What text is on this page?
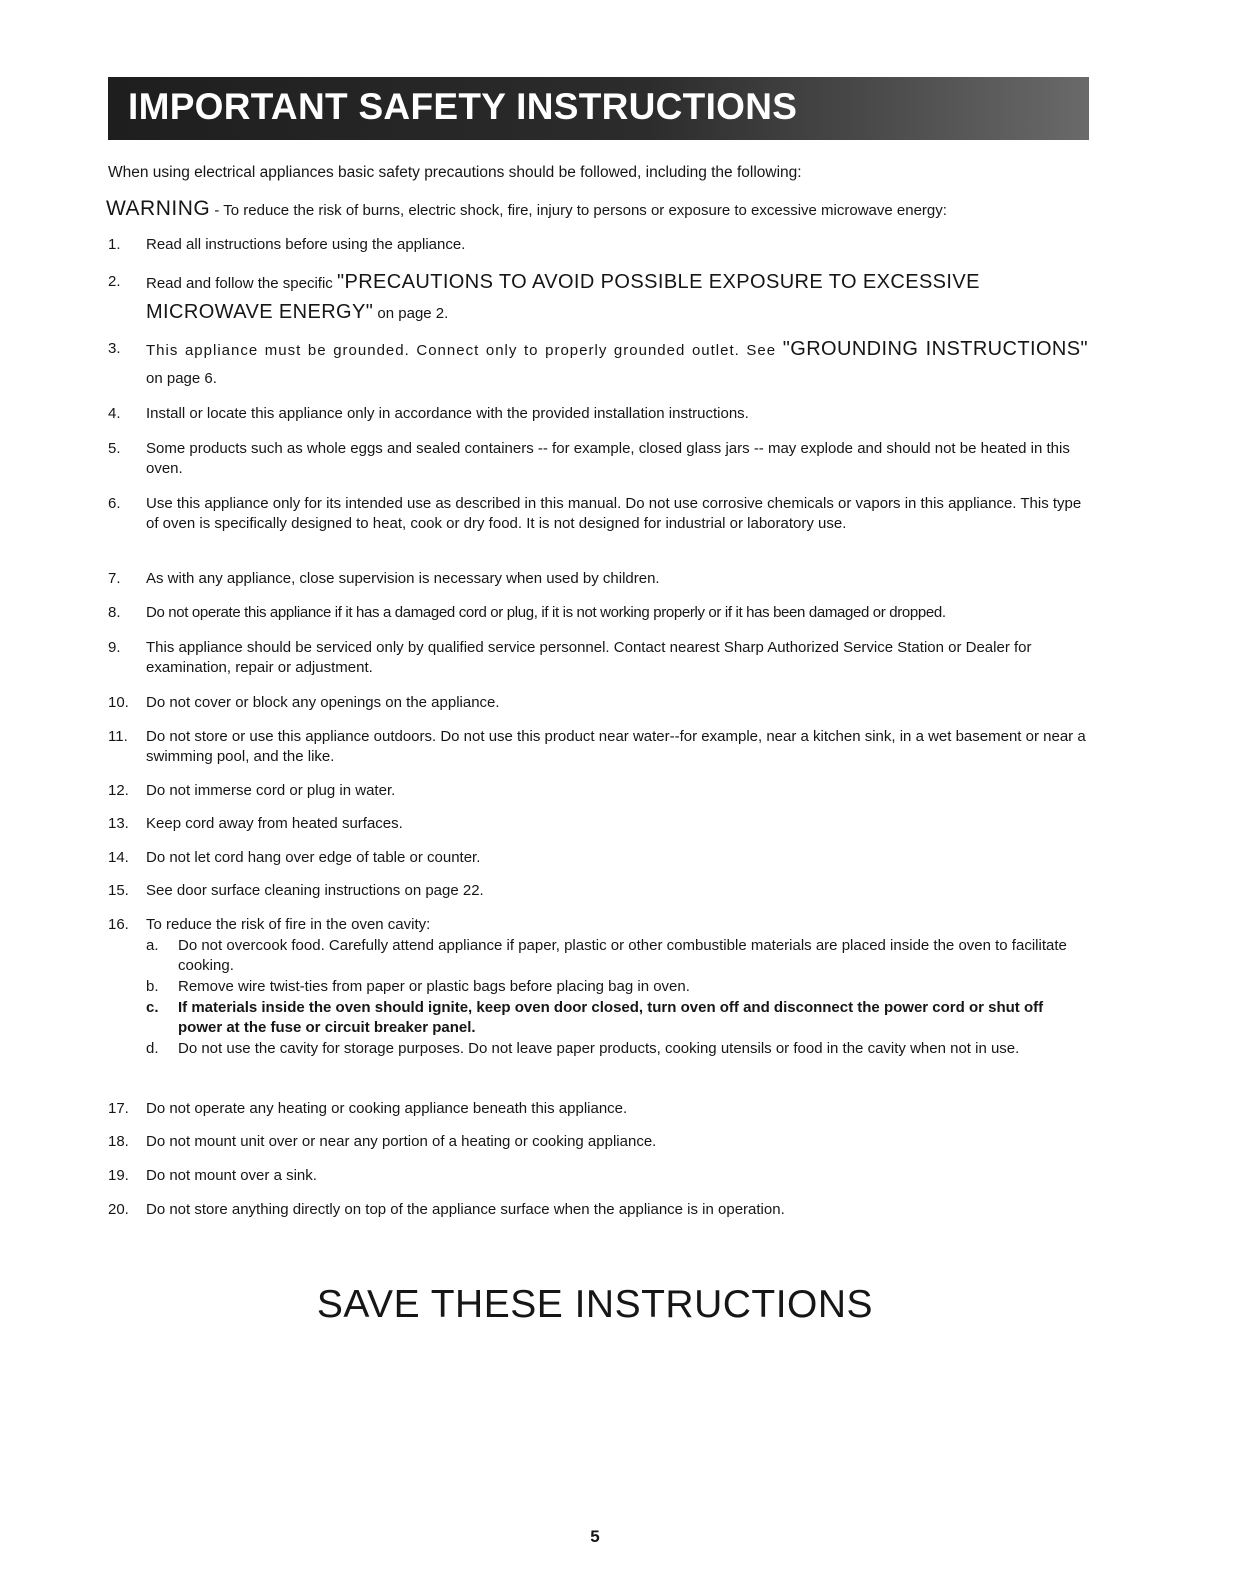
IMPORTANT SAFETY INSTRUCTIONS
When using electrical appliances basic safety precautions should be followed, including the following:
WARNING - To reduce the risk of burns, electric shock, fire, injury to persons or exposure to excessive microwave energy:
1.	Read all instructions before using the appliance.
2.	Read and follow the specific "PRECAUTIONS TO AVOID POSSIBLE EXPOSURE TO EXCESSIVE MICROWAVE ENERGY" on page 2.
3.	This appliance must be grounded. Connect only to properly grounded outlet. See "GROUNDING INSTRUCTIONS" on page 6.
4.	Install or locate this appliance only in accordance with the provided installation instructions.
5.	Some products such as whole eggs and sealed containers -- for example, closed glass jars -- may explode and should not be heated in this oven.
6.	Use this appliance only for its intended use as described in this manual. Do not use corrosive chemicals or vapors in this appliance. This type of oven is specifically designed to heat, cook or dry food. It is not designed for industrial or laboratory use.
7.	As with any appliance, close supervision is necessary when used by children.
8.	Do not operate this appliance if it has a damaged cord or plug, if it is not working properly or if it has been damaged or dropped.
9.	This appliance should be serviced only by qualified service personnel. Contact nearest Sharp Authorized Service Station or Dealer for examination, repair or adjustment.
10.	Do not cover or block any openings on the appliance.
11.	Do not store or use this appliance outdoors. Do not use this product near water--for example, near a kitchen sink, in a wet basement or near a swimming pool, and the like.
12.	Do not immerse cord or plug in water.
13.	Keep cord away from heated surfaces.
14.	Do not let cord hang over edge of table or counter.
15.	See door surface cleaning instructions on page 22.
16.	To reduce the risk of fire in the oven cavity:
a.	Do not overcook food. Carefully attend appliance if paper, plastic or other combustible materials are placed inside the oven to facilitate cooking.
b.	Remove wire twist-ties from paper or plastic bags before placing bag in oven.
c.	If materials inside the oven should ignite, keep oven door closed, turn oven off and disconnect the power cord or shut off power at the fuse or circuit breaker panel.
d.	Do not use the cavity for storage purposes. Do not leave paper products, cooking utensils or food in the cavity when not in use.
17.	Do not operate any heating or cooking appliance beneath this appliance.
18.	Do not mount unit over or near any portion of a heating or cooking appliance.
19.	Do not mount over a sink.
20.	Do not store anything directly on top of the appliance surface when the appliance is in operation.
SAVE THESE INSTRUCTIONS
5
